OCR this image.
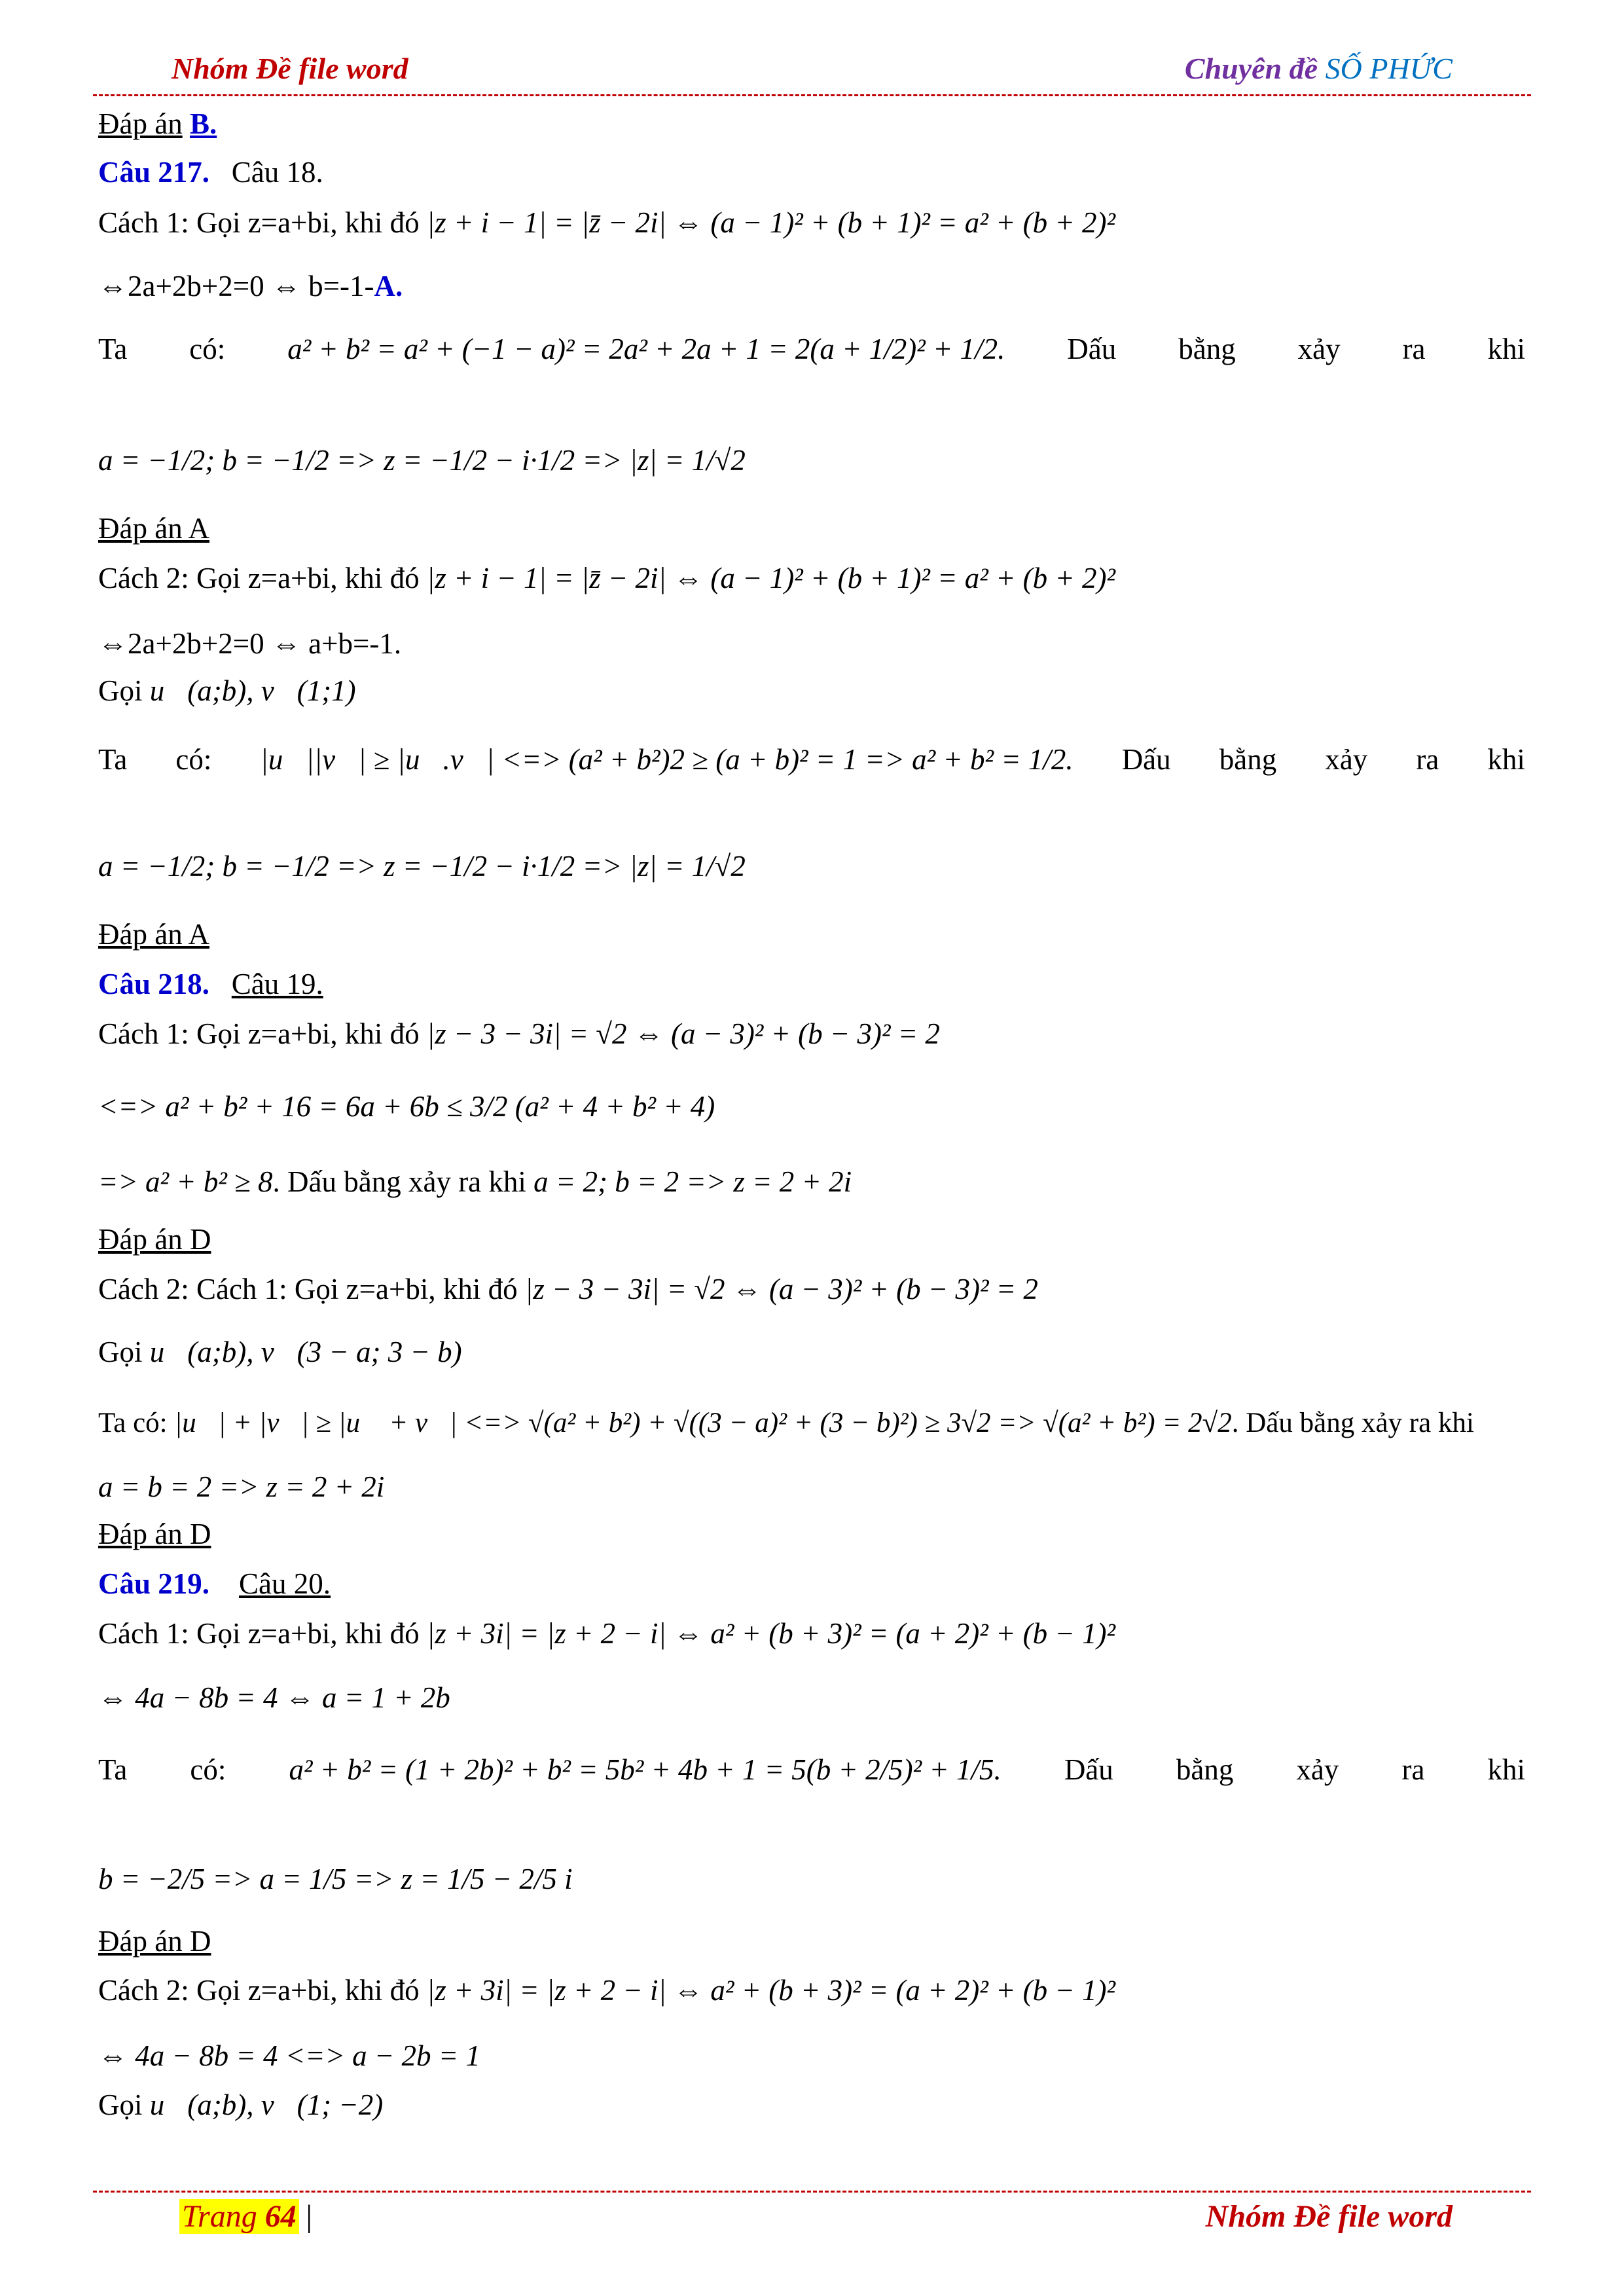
Nhóm Đề file word	Chuyên đề SỐ PHỨC
Đáp án B.
Câu 217. Câu 18.
Cách 1: Gọi z=a+bi, khi đó |z + i − 1| = |z̄ − 2i| ⇔ (a − 1)² + (b + 1)² = a² + (b + 2)²
⇔2a+2b+2=0 ⇔ b=-1-A.
Ta có: a² + b² = a² + (−1 − a)² = 2a² + 2a + 1 = 2(a + 1/2)² + 1/2. Dấu bằng xảy ra khi
a = −1/2; b = −1/2 => z = −1/2 − i·1/2 => |z| = 1/√2
Đáp án A
Cách 2: Gọi z=a+bi, khi đó |z + i − 1| = |z̄ − 2i| ⇔ (a − 1)² + (b + 1)² = a² + (b + 2)²
⇔2a+2b+2=0 ⇔ a+b=-1.
Gọi u⃗(a;b), v⃗(1;1)
Ta có: |u⃗||v⃗| ≥ |u⃗.v⃗| <=> (a² + b²)2 ≥ (a + b)² = 1 => a² + b² = 1/2. Dấu bằng xảy ra khi
a = −1/2; b = −1/2 => z = −1/2 − i·1/2 => |z| = 1/√2
Đáp án A
Câu 218. Câu 19.
Cách 1: Gọi z=a+bi, khi đó |z − 3 − 3i| = √2 ⇔ (a − 3)² + (b − 3)² = 2
<=> a² + b² + 16 = 6a + 6b ≤ 3/2 (a² + 4 + b² + 4)
=> a² + b² ≥ 8. Dấu bằng xảy ra khi a = 2; b = 2 => z = 2 + 2i
Đáp án D
Cách 2: Cách 1: Gọi z=a+bi, khi đó |z − 3 − 3i| = √2 ⇔ (a − 3)² + (b − 3)² = 2
Gọi u⃗(a;b), v⃗(3 − a; 3 − b)
Ta có: |u⃗| + |v⃗| ≥ |u⃗ + v⃗| <=> √(a² + b²) + √((3 − a)² + (3 − b)²) ≥ 3√2 => √(a² + b²) = 2√2. Dấu bằng xảy ra khi
a = b = 2 => z = 2 + 2i
Đáp án D
Câu 219. Câu 20.
Cách 1: Gọi z=a+bi, khi đó |z + 3i| = |z + 2 − i| ⇔ a² + (b + 3)² = (a + 2)² + (b − 1)²
⇔ 4a − 8b = 4 ⇔ a = 1 + 2b
Ta có: a² + b² = (1 + 2b)² + b² = 5b² + 4b + 1 = 5(b + 2/5)² + 1/5. Dấu bằng xảy ra khi
b = −2/5 => a = 1/5 => z = 1/5 − 2/5 i
Đáp án D
Cách 2: Gọi z=a+bi, khi đó |z + 3i| = |z + 2 − i| ⇔ a² + (b + 3)² = (a + 2)² + (b − 1)²
⇔ 4a − 8b = 4 <=> a − 2b = 1
Gọi u⃗(a;b), v⃗(1; −2)
Trang 64 |	Nhóm Đề file word
